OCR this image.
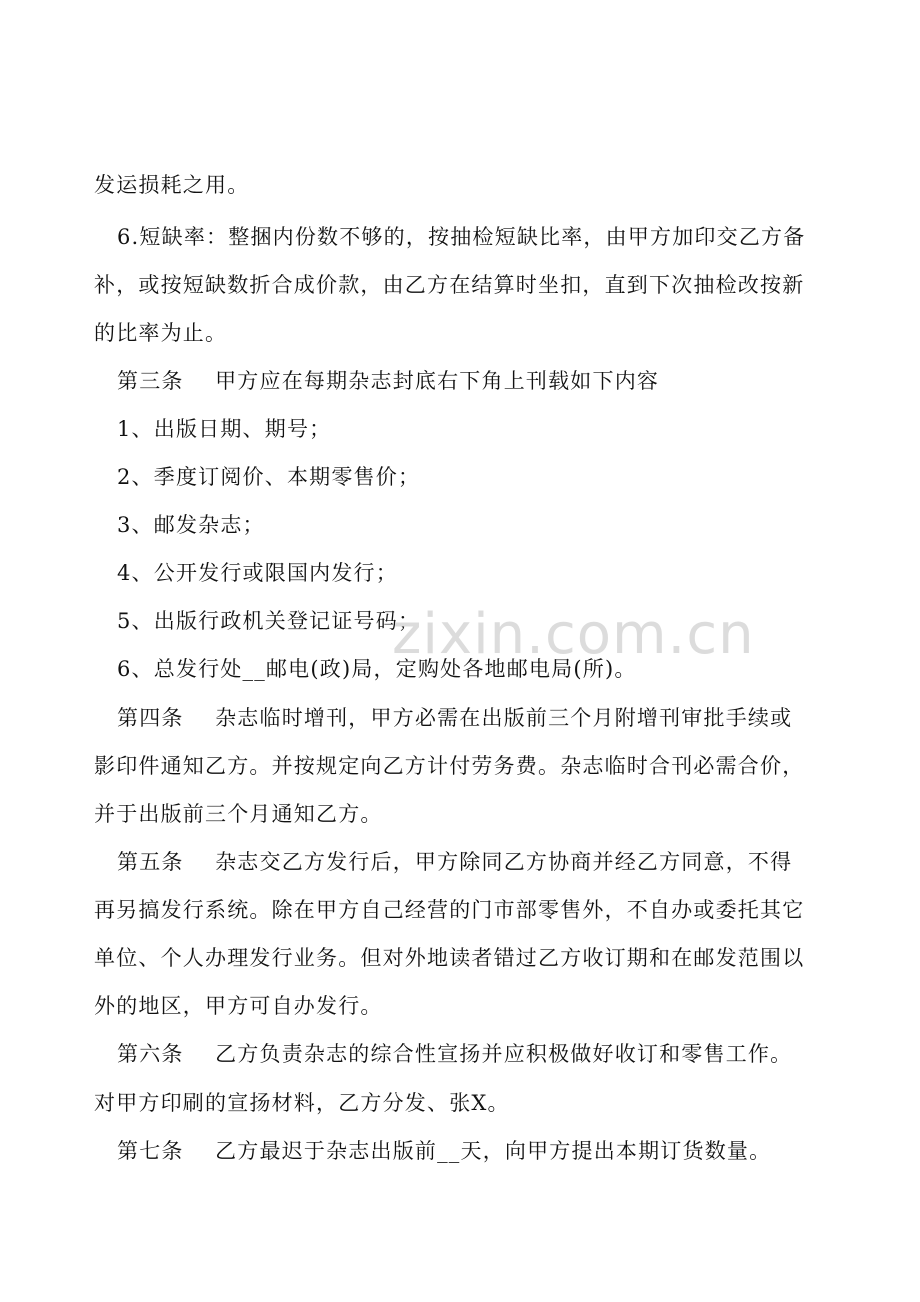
发运损耗之用。
6.短缺率：整捆内份数不够的，按抽检短缺比率，由甲方加印交乙方备
补，或按短缺数折合成价款，由乙方在结算时坐扣，直到下次抽检改按新
的比率为止。
第三条    甲方应在每期杂志封底右下角上刊载如下内容
1、出版日期、期号；
2、季度订阅价、本期零售价；
3、邮发杂志；
4、公开发行或限国内发行；
5、出版行政机关登记证号码；
6、总发行处__邮电(政)局，定购处各地邮电局(所)。
第四条    杂志临时增刊，甲方必需在出版前三个月附增刊审批手续或
影印件通知乙方。并按规定向乙方计付劳务费。杂志临时合刊必需合价，
并于出版前三个月通知乙方。
第五条    杂志交乙方发行后，甲方除同乙方协商并经乙方同意，不得
再另搞发行系统。除在甲方自己经营的门市部零售外，不自办或委托其它
单位、个人办理发行业务。但对外地读者错过乙方收订期和在邮发范围以
外的地区，甲方可自办发行。
第六条    乙方负责杂志的综合性宣扬并应积极做好收订和零售工作。
对甲方印刷的宣扬材料，乙方分发、张X。
第七条    乙方最迟于杂志出版前__天，向甲方提出本期订货数量。
zixin.com.cn
